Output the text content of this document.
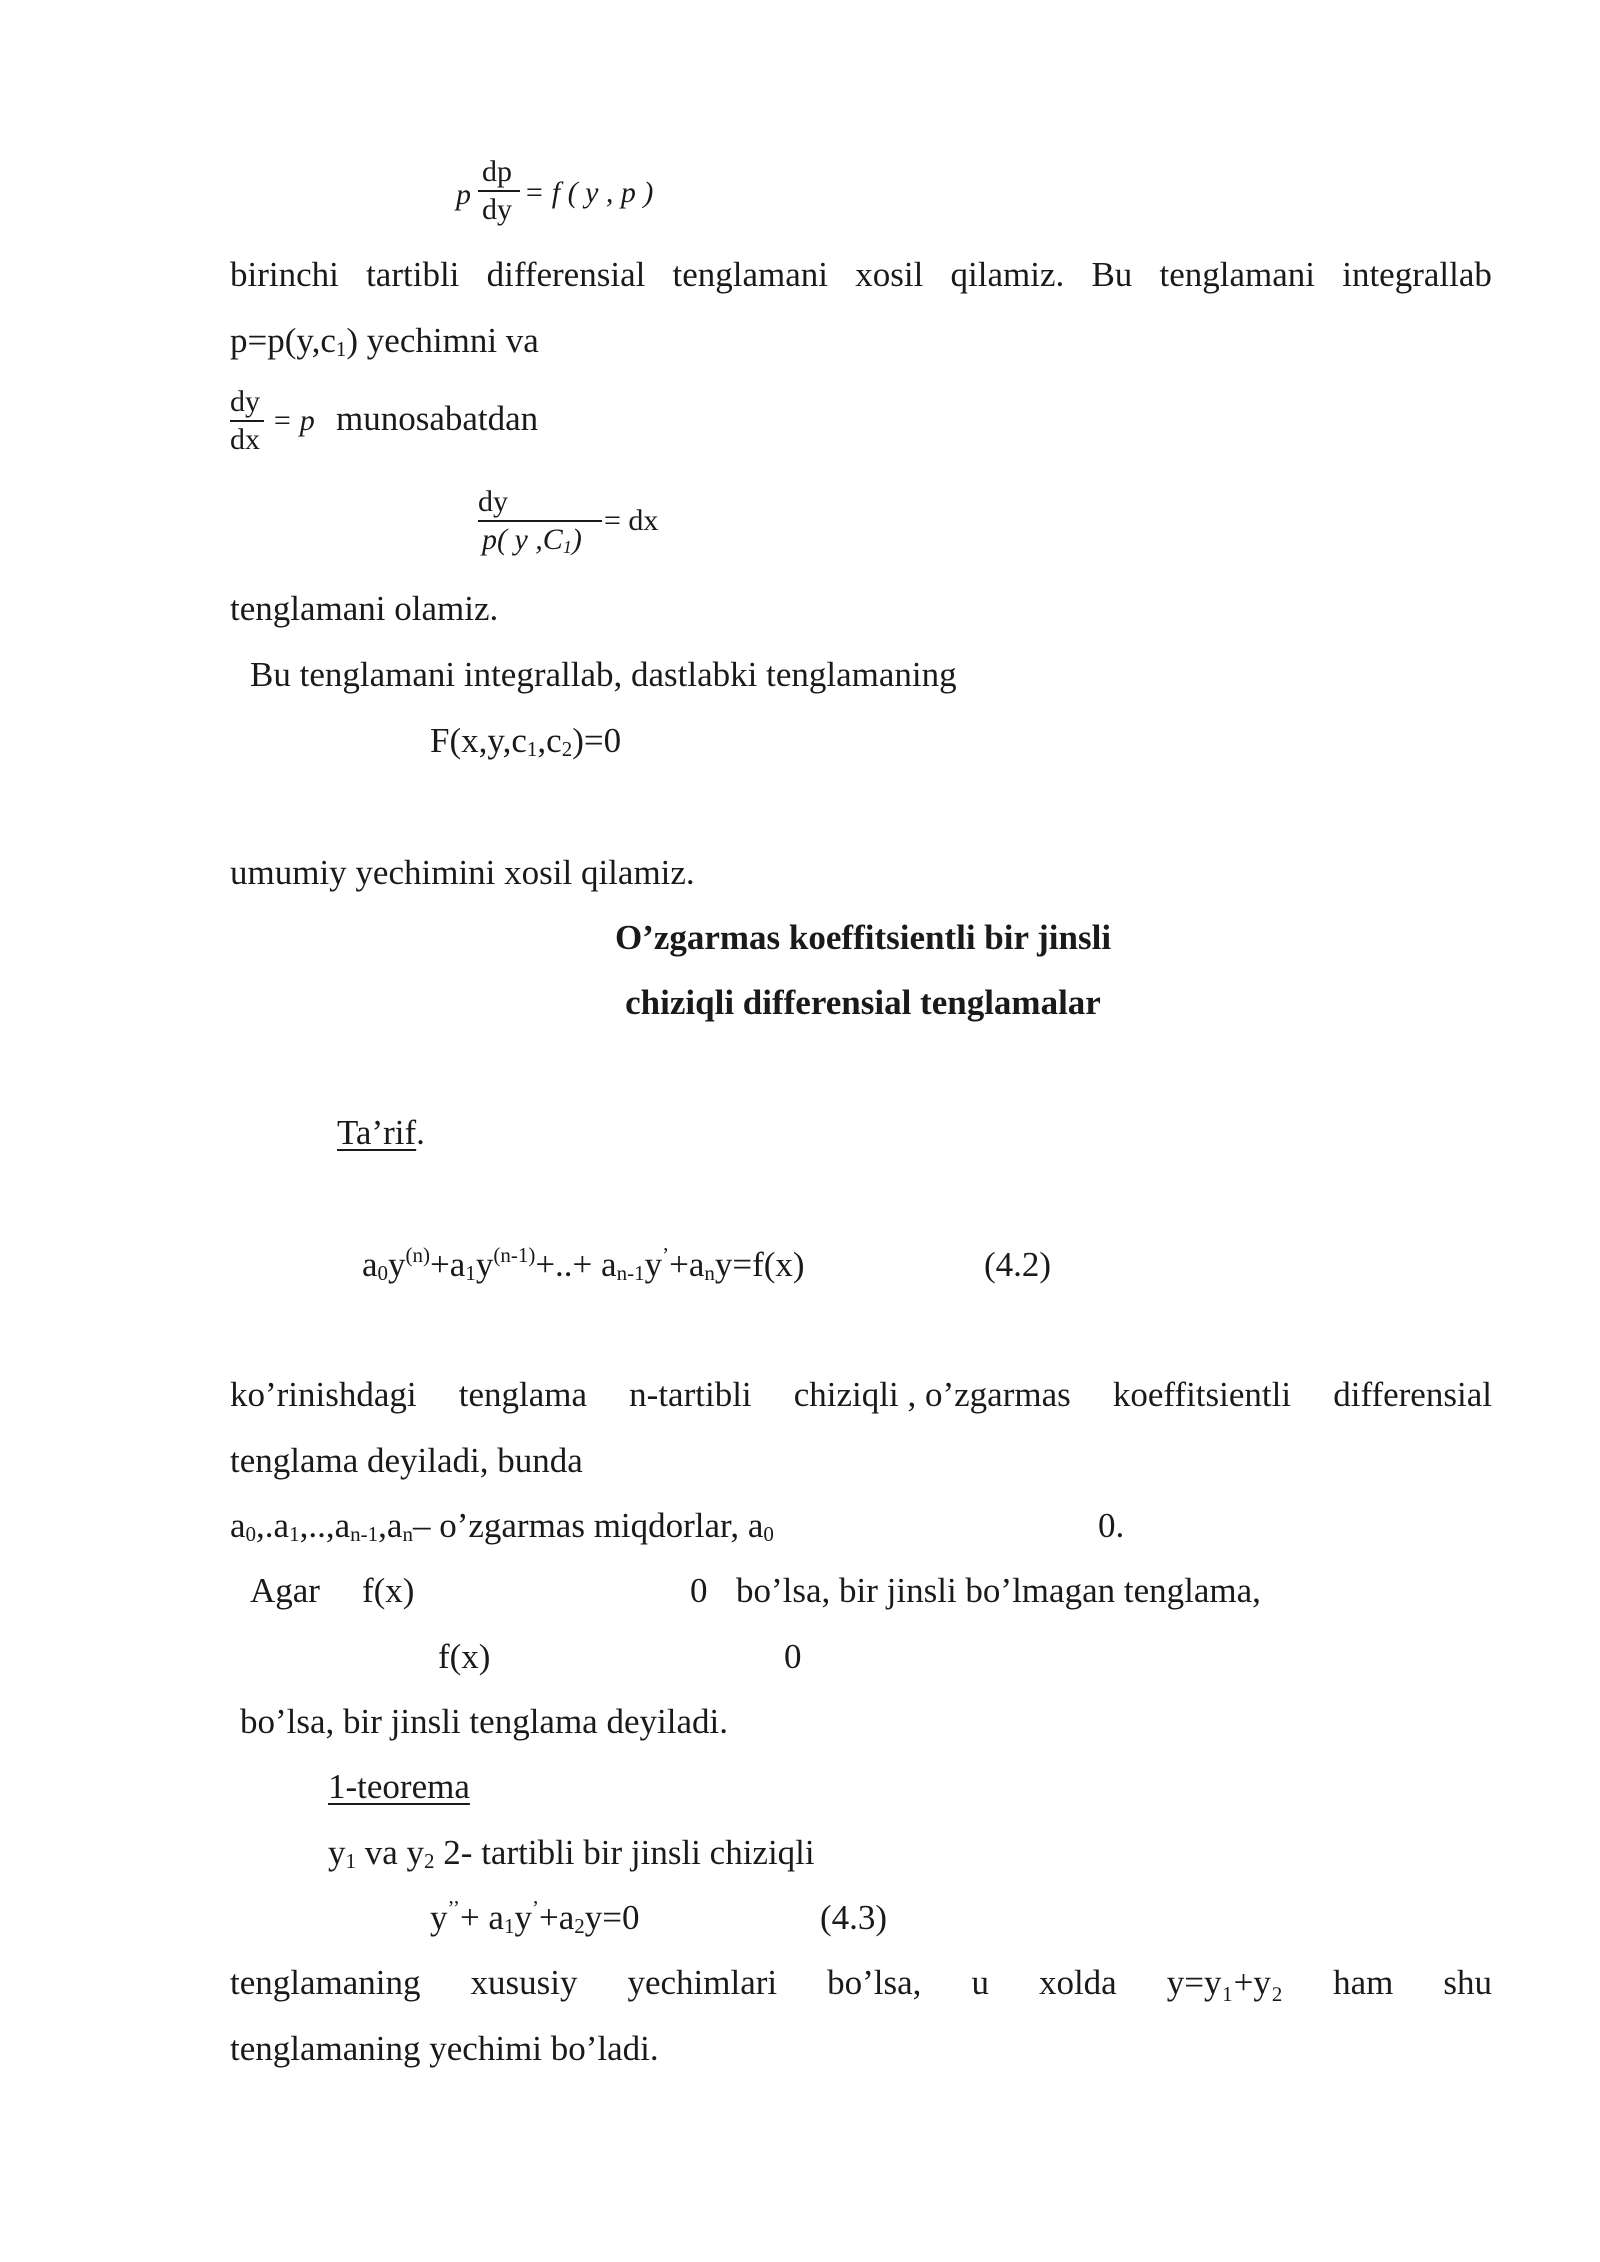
p
dp
dy
= f ( y , p )
birinchi tartibli differensial tenglamani xosil qilamiz. Bu tenglamani integrallab
$p=p(y,c_1)$ yechimni va
dy
dx
= p munosabatdan
dy
p( y $,C_1$)
= dx
tenglamani olamiz.
Bu tenglamani integrallab, dastlabki tenglamaning
$F(x,y,c_1,c_2)=0$
umumiy yechimini xosil qilamiz.
O’zgarmas koeffitsientli bir jinsli
chiziqli differensial tenglamalar
Ta’rif.
$a_0y^{(n)}+a_1y^{(n-1)}+..+ a_{n-1}y^’+a_ny=f(x)$	(4.2)
ko’rinishdagi tenglama n-tartibli chiziqli , o’zgarmas koeffitsientli differensial
tenglama deyiladi, bunda
$a_0,.a_1,..,a_{n-1},a_n-$ o’zgarmas miqdorlar, $a_0$	0.
Agar f(x)	0 bo’lsa, bir jinsli bo’lmagan tenglama,
f(x)	0
bo’lsa, bir jinsli tenglama deyiladi.
1-teorema
$y_1$ va $y_2$ 2- tartibli bir jinsli chiziqli
$y^{’’}+ a_1y^’+a_2y=0$	(4.3)
tenglamaning xususiy yechimlari bo’lsa, u xolda y=y₁+y₂ ham shu
tenglamaning yechimi bo’ladi.
